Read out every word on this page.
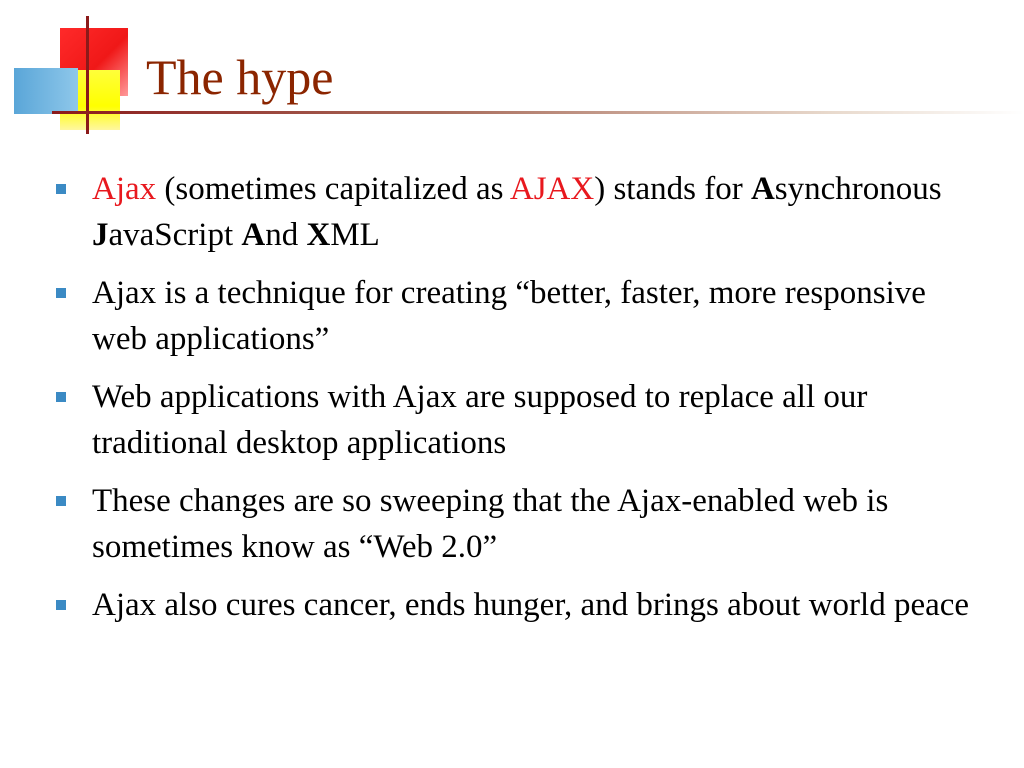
The hype
Ajax (sometimes capitalized as AJAX) stands for Asynchronous JavaScript And XML
Ajax is a technique for creating “better, faster, more responsive web applications”
Web applications with Ajax are supposed to replace all our traditional desktop applications
These changes are so sweeping that the Ajax-enabled web is sometimes know as “Web 2.0”
Ajax also cures cancer, ends hunger, and brings about world peace
